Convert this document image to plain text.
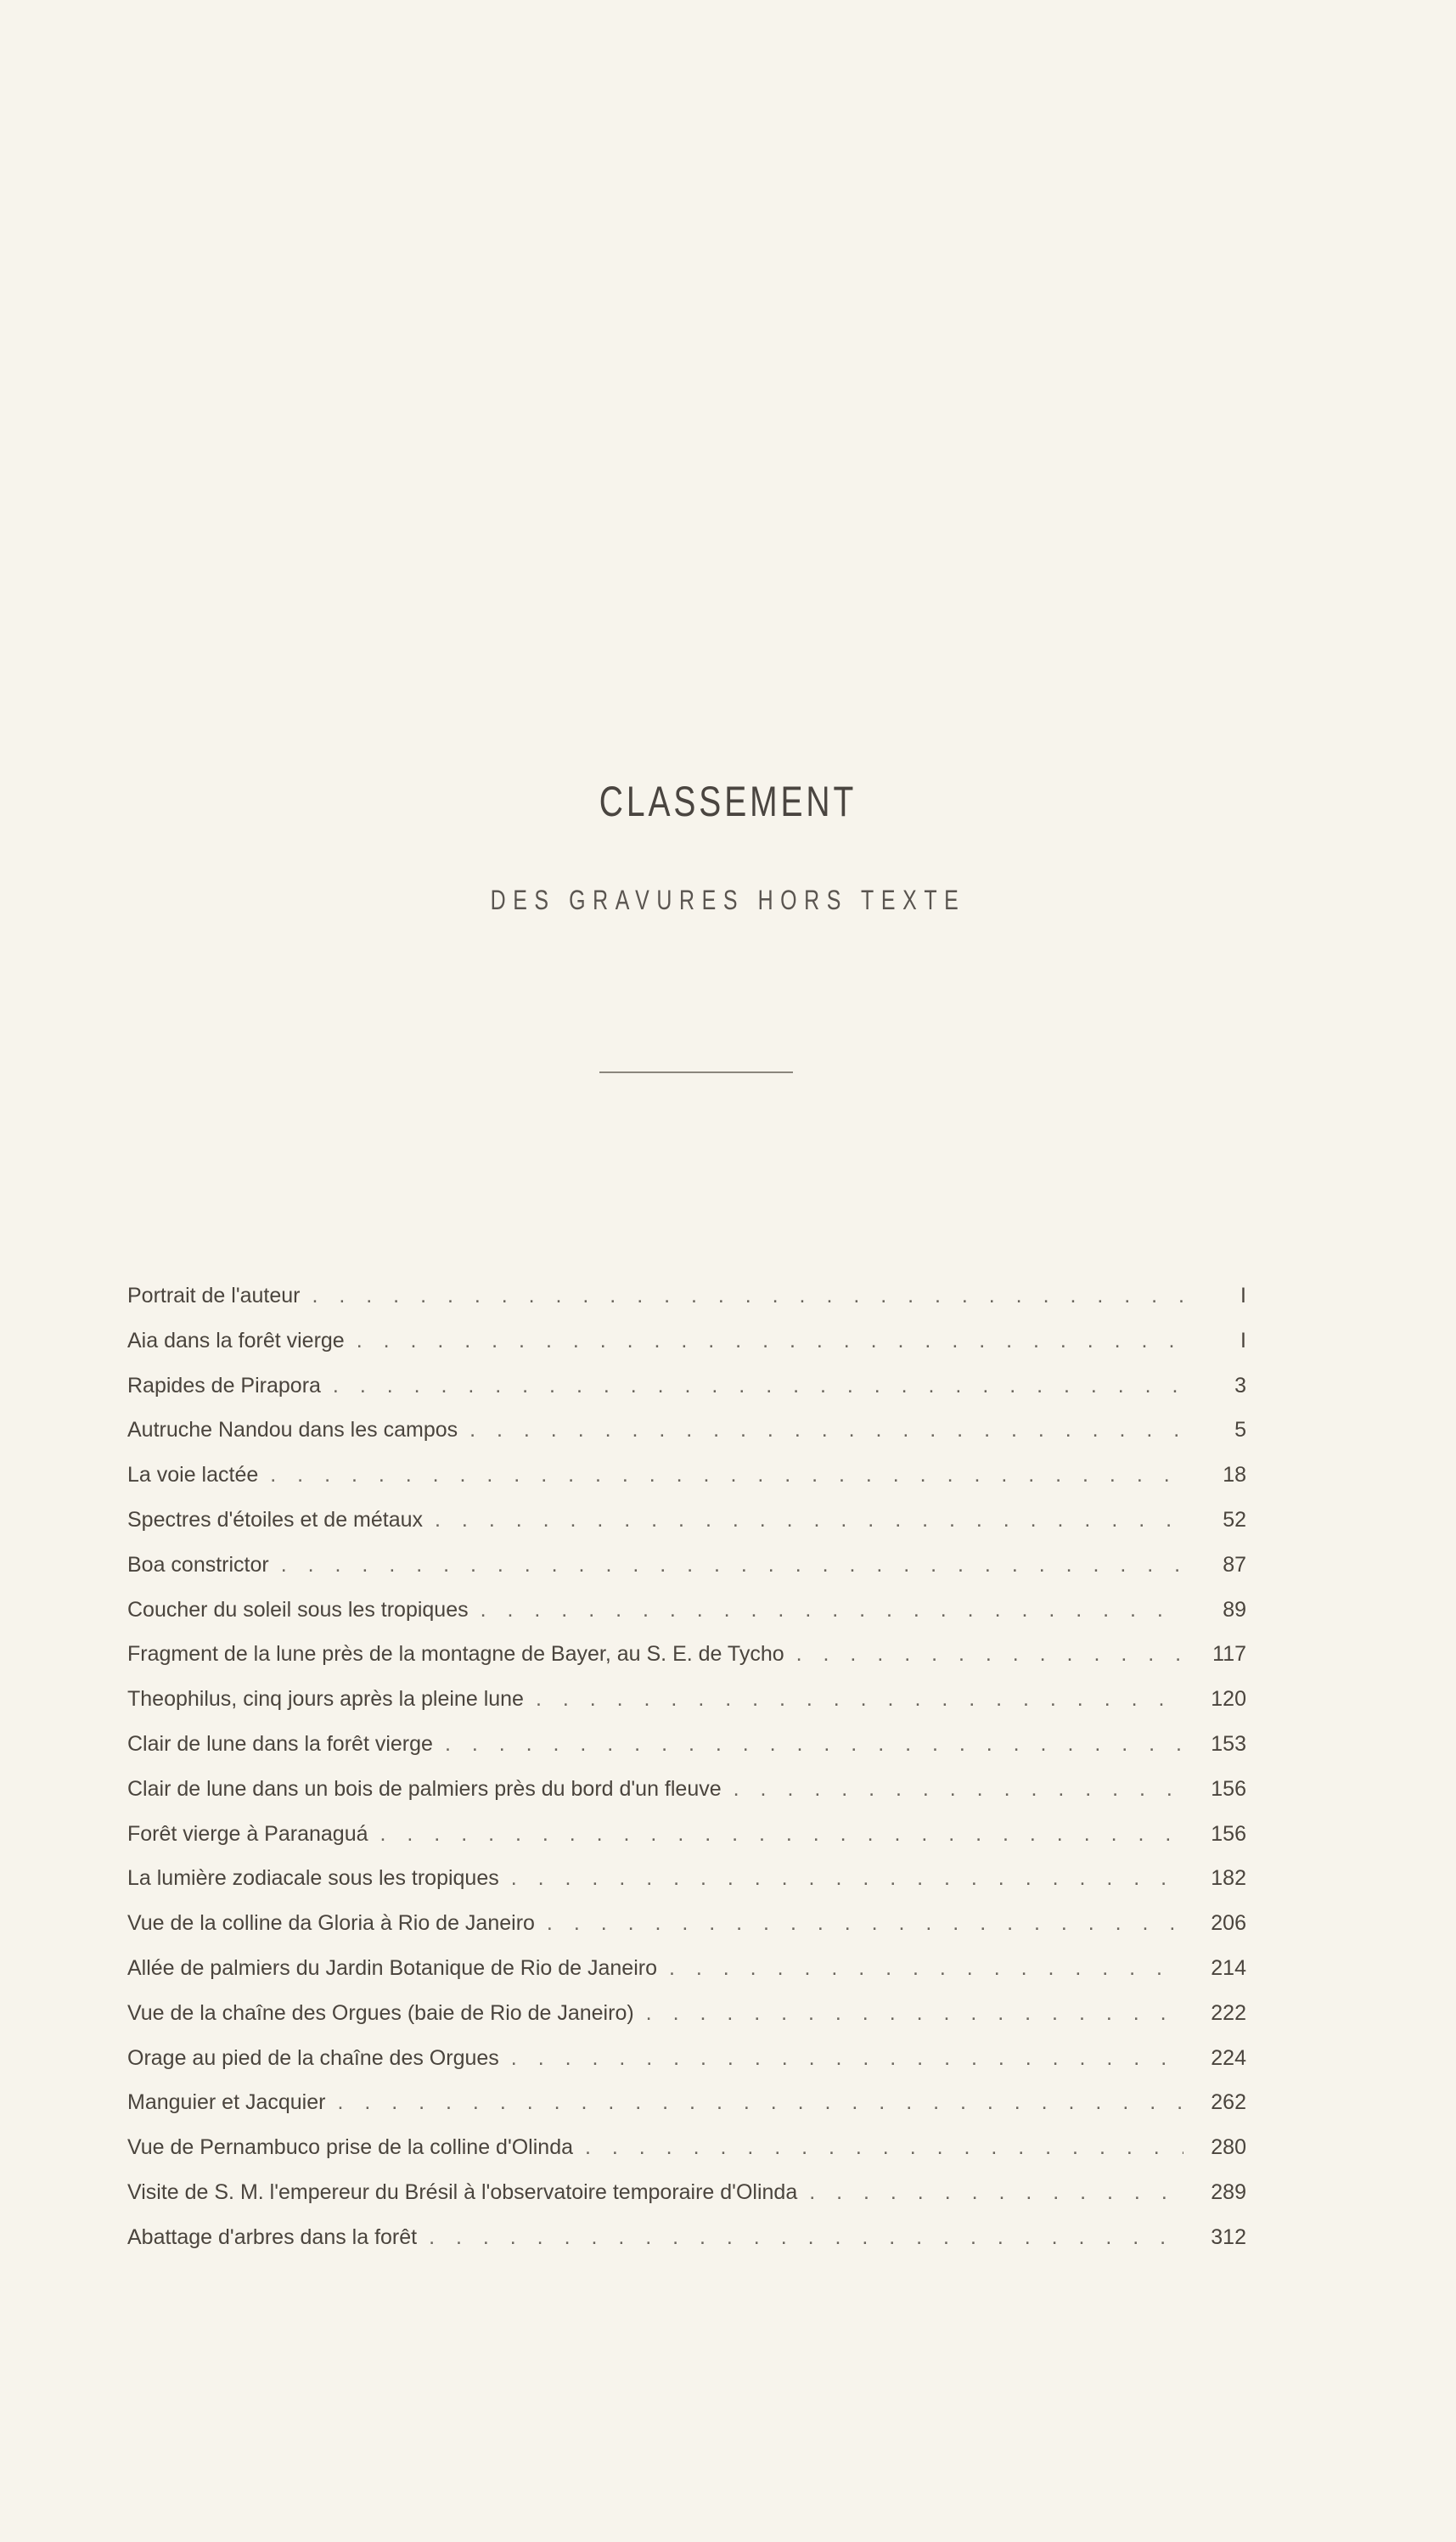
CLASSEMENT
DES GRAVURES HORS TEXTE
Portrait de l'auteur . . .	I
Aia dans la forêt vierge . . .	I
Rapides de Pirapora . . .	3
Autruche Nandou dans les campos . . .	5
La voie lactée . . .	18
Spectres d'étoiles et de métaux . . .	52
Boa constrictor . . .	87
Coucher du soleil sous les tropiques . . .	89
Fragment de la lune près de la montagne de Bayer, au S. E. de Tycho . . .	117
Theophilus, cinq jours après la pleine lune . . .	120
Clair de lune dans la forêt vierge . . .	153
Clair de lune dans un bois de palmiers près du bord d'un fleuve . . .	156
Forêt vierge à Paranaguá . . .	156
La lumière zodiacale sous les tropiques . . .	182
Vue de la colline da Gloria à Rio de Janeiro . . .	206
Allée de palmiers du Jardin Botanique de Rio de Janeiro . . .	214
Vue de la chaîne des Orgues (baie de Rio de Janeiro) . . .	222
Orage au pied de la chaîne des Orgues . . .	224
Manguier et Jacquier . . .	262
Vue de Pernambuco prise de la colline d'Olinda . . .	280
Visite de S. M. l'empereur du Brésil à l'observatoire temporaire d'Olinda . . .	289
Abattage d'arbres dans la forêt . . .	312
